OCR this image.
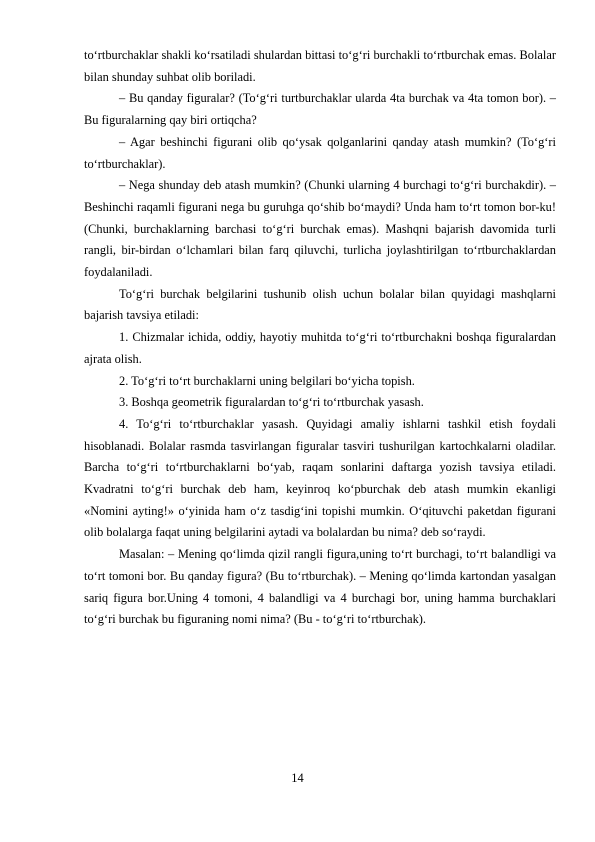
to‘rtburchaklar shakli ko‘rsatiladi shulardan bittasi to‘g‘ri burchakli to‘rtburchak emas. Bolalar bilan shunday suhbat olib boriladi.

– Bu qanday figuralar? (To‘g‘ri turtburchaklar ularda 4ta burchak va 4ta tomon bor). – Bu figuralarning qay biri ortiqcha?

– Agar beshinchi figurani olib qo‘ysak qolganlarini qanday atash mumkin? (To‘g‘ri to‘rtburchaklar).

– Nega shunday deb atash mumkin? (Chunki ularning 4 burchagi to‘g‘ri burchakdir). – Beshinchi raqamli figurani nega bu guruhga qo‘shib bo‘maydi? Unda ham to‘rt tomon bor-ku! (Chunki, burchaklarning barchasi to‘g‘ri burchak emas). Mashqni bajarish davomida turli rangli, bir-birdan o‘lchamlari bilan farq qiluvchi, turlicha joylashtirilgan to‘rtburchaklardan foydalaniladi.

To‘g‘ri burchak belgilarini tushunib olish uchun bolalar bilan quyidagi mashqlarni bajarish tavsiya etiladi:

1. Chizmalar ichida, oddiy, hayotiy muhitda to‘g‘ri to‘rtburchakni boshqa figuralardan ajrata olish.

2. To‘g‘ri to‘rt burchaklarni uning belgilari bo‘yicha topish.

3. Boshqa geometrik figuralardan to‘g‘ri to‘rtburchak yasash.

4. To‘g‘ri to‘rtburchaklar yasash. Quyidagi amaliy ishlarni tashkil etish foydali hisoblanadi. Bolalar rasmda tasvirlangan figuralar tasviri tushurilgan kartochkalarni oladilar. Barcha to‘g‘ri to‘rtburchaklarni bo‘yab, raqam sonlarini daftarga yozish tavsiya etiladi. Kvadratni to‘g‘ri burchak deb ham, keyinroq ko‘pburchak deb atash mumkin ekanligi «Nomini ayting!» o‘yinida ham o‘z tasdig‘ini topishi mumkin. O‘qituvchi paketdan figurani olib bolalarga faqat uning belgilarini aytadi va bolalardan bu nima? deb so‘raydi.

Masalan: – Mening qo‘limda qizil rangli figura,uning to‘rt burchagi, to‘rt balandligi va to‘rt tomoni bor. Bu qanday figura? (Bu to‘rtburchak). – Mening qo‘limda kartondan yasalgan sariq figura bor.Uning 4 tomoni, 4 balandligi va 4 burchagi bor, uning hamma burchaklari to‘g‘ri burchak bu figuraning nomi nima? (Bu - to‘g‘ri to‘rtburchak).

14
